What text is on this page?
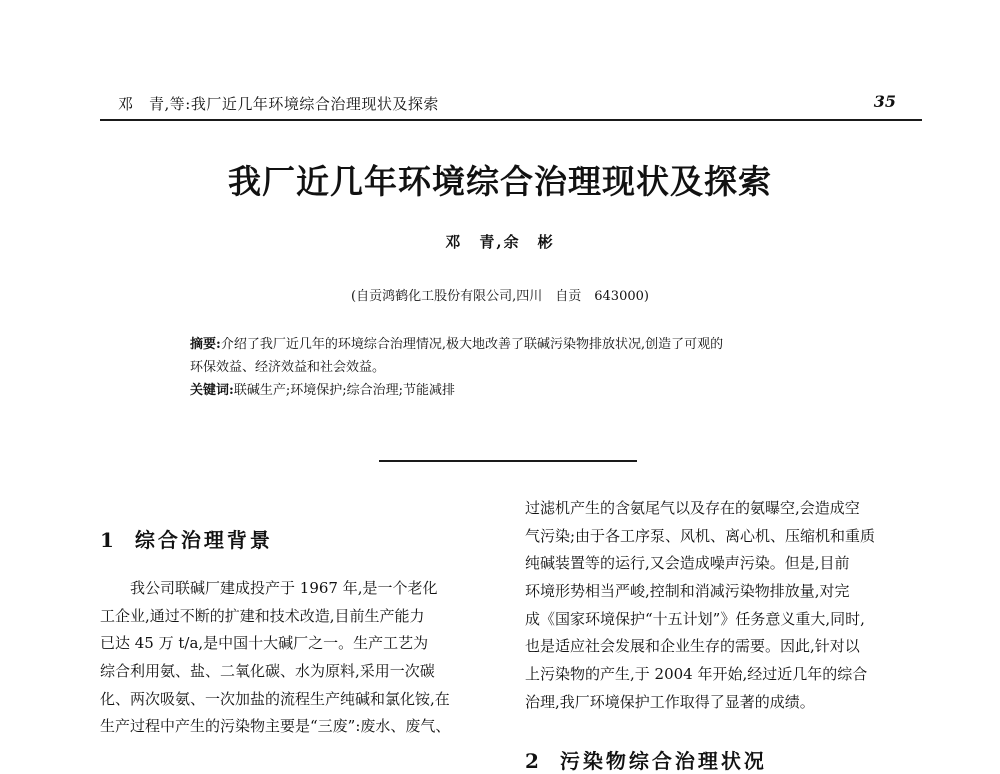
邓　青,等:我厂近几年环境综合治理现状及探索	35
我厂近几年环境综合治理现状及探索
邓　青,余　彬
(自贡鸿鹤化工股份有限公司,四川　自贡　643000)
摘要:介绍了我厂近几年的环境综合治理情况,极大地改善了联碱污染物排放状况,创造了可观的
环保效益、经济效益和社会效益。
关键词:联碱生产;环境保护;综合治理;节能减排
1 综合治理背景
　　我公司联碱厂建成投产于 1967 年,是一个老化
工企业,通过不断的扩建和技术改造,目前生产能力
已达 45 万 t/a,是中国十大碱厂之一。生产工艺为
综合利用氨、盐、二氧化碳、水为原料,采用一次碳
化、两次吸氨、一次加盐的流程生产纯碱和氯化铵,在
生产过程中产生的污染物主要是“三废”:废水、废气、
过滤机产生的含氨尾气以及存在的氨曝空,会造成空
气污染;由于各工序泵、风机、离心机、压缩机和重质
纯碱装置等的运行,又会造成噪声污染。但是,目前
环境形势相当严峻,控制和消减污染物排放量,对完
成《国家环境保护“十五计划”》任务意义重大,同时,
也是适应社会发展和企业生存的需要。因此,针对以
上污染物的产生,于 2004 年开始,经过近几年的综合
治理,我厂环境保护工作取得了显著的成绩。
2 污染物综合治理状况
